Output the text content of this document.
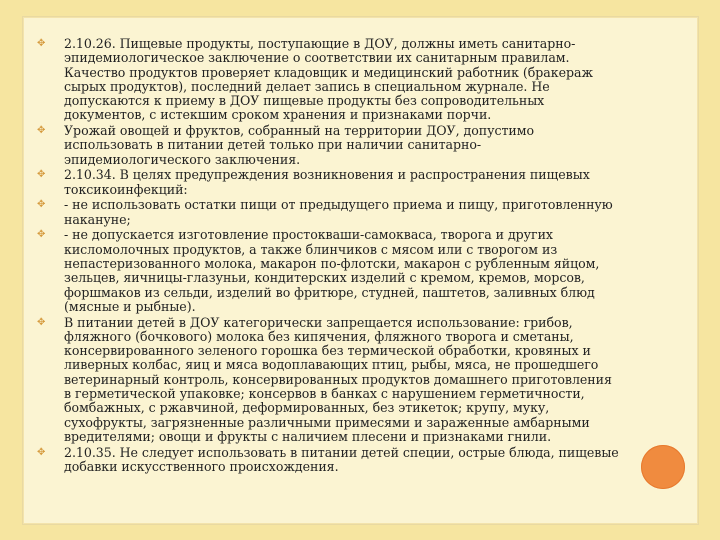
✥ 2.10.26. Пищевые продукты, поступающие в ДОУ, должны иметь санитарно-эпидемиологическое заключение о соответствии их санитарным правилам. Качество продуктов проверяет кладовщик и медицинский работник (бракераж сырых продуктов), последний делает запись в специальном журнале. Не допускаются к приему в ДОУ пищевые продукты без сопроводительных документов, с истекшим сроком хранения и признаками порчи.
✥ Урожай овощей и фруктов, собранный на территории ДОУ, допустимо использовать в питании детей только при наличии санитарно-эпидемиологического заключения.
✥ 2.10.34. В целях предупреждения возникновения и распространения пищевых токсикоинфекций:
✥ - не использовать остатки пищи от предыдущего приема и пищу, приготовленную накануне;
✥ - не допускается изготовление простокваши-самокваса, творога и других кисломолочных продуктов, а также блинчиков с мясом или с творогом из непастеризованного молока, макарон по-флотски, макарон с рубленным яйцом, зельцев, яичницы-глазуньи, кондитерских изделий с кремом, кремов, морсов, форшмаков из сельди, изделий во фритюре, студней, паштетов, заливных блюд (мясные и рыбные).
✥ В питании детей в ДОУ категорически запрещается использование: грибов, фляжного (бочкового) молока без кипячения, фляжного творога и сметаны, консервированного зеленого горошка без термической обработки, кровяных и ливерных колбас, яиц и мяса водоплавающих птиц, рыбы, мяса, не прошедшего ветеринарный контроль, консервированных продуктов домашнего приготовления в герметической упаковке; консервов в банках с нарушением герметичности, бомбажных, с ржавчиной, деформированных, без этикеток; крупу, муку, сухофрукты, загрязненные различными примесями и зараженные амбарными вредителями; овощи и фрукты с наличием плесени и признаками гнили.
✥ 2.10.35. Не следует использовать в питании детей специи, острые блюда, пищевые добавки искусственного происхождения.
